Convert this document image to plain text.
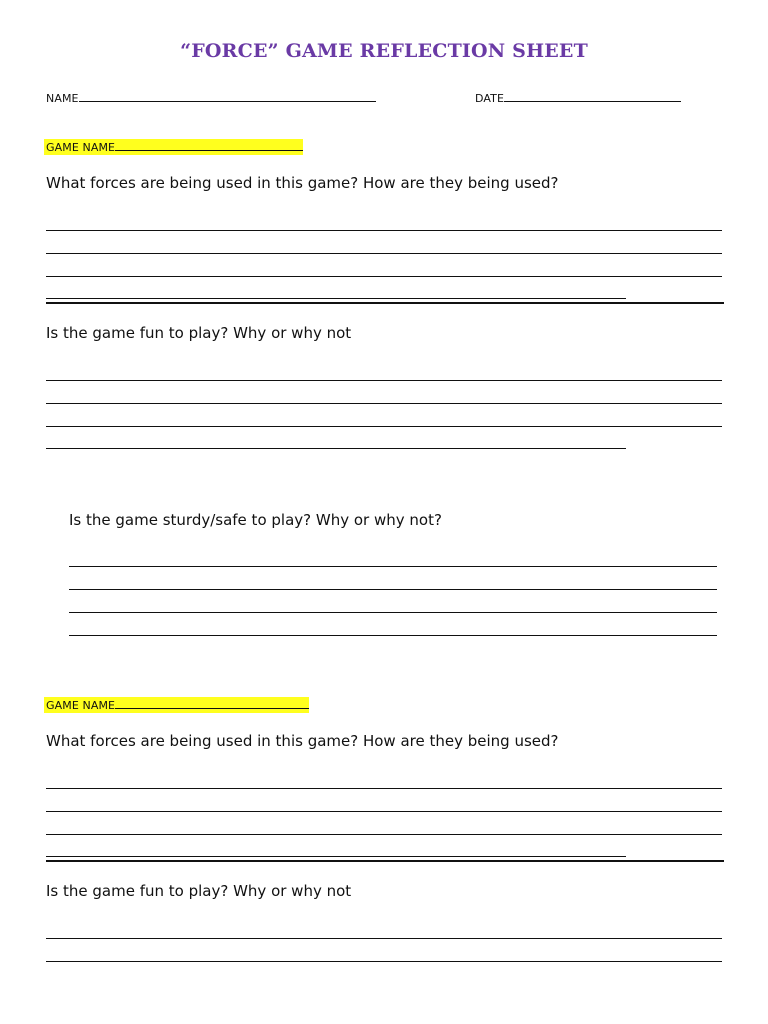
“FORCE” GAME REFLECTION SHEET
NAME	DATE
GAME NAME
What forces are being used in this game? How are they being used?
Is the game fun to play? Why or why not
Is the game sturdy/safe to play? Why or why not?
GAME NAME
What forces are being used in this game? How are they being used?
Is the game fun to play? Why or why not
